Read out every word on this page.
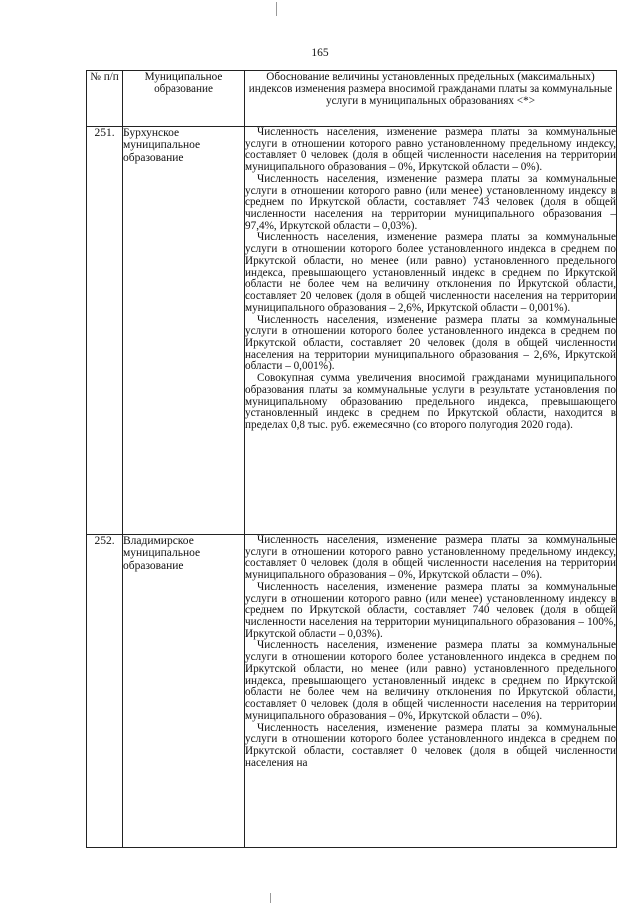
165
№ п/п	Муниципальное образование	Обоснование величины установленных предельных (максимальных) индексов изменения размера вносимой гражданами платы за коммунальные услуги в муниципальных образованиях <*>
251.	Бурхунское муниципальное образование	Численность населения, изменение размера платы за коммунальные услуги в отношении которого равно установленному предельному индексу, составляет 0 человек (доля в общей численности населения на территории муниципального образования – 0%, Иркутской области – 0%).

Численность населения, изменение размера платы за коммунальные услуги в отношении которого равно (или менее) установленному индексу в среднем по Иркутской области, составляет 743 человек (доля в общей численности населения на территории муниципального образования – 97,4%, Иркутской области – 0,03%).

Численность населения, изменение размера платы за коммунальные услуги в отношении которого более установленного индекса в среднем по Иркутской области, но менее (или равно) установленного предельного индекса, превышающего установленный индекс в среднем по Иркутской области не более чем на величину отклонения по Иркутской области, составляет 20 человек (доля в общей численности населения на территории муниципального образования – 2,6%, Иркутской области – 0,001%).

Численность населения, изменение размера платы за коммунальные услуги в отношении которого более установленного индекса в среднем по Иркутской области, составляет 20 человек (доля в общей численности населения на территории муниципального образования – 2,6%, Иркутской области – 0,001%).

Совокупная сумма увеличения вносимой гражданами муниципального образования платы за коммунальные услуги в результате установления по муниципальному образованию предельного индекса, превышающего установленный индекс в среднем по Иркутской области, находится в пределах 0,8 тыс. руб. ежемесячно (со второго полугодия 2020 года).

252.	Владимирское муниципальное образование	Численность населения, изменение размера платы за коммунальные услуги в отношении которого равно установленному предельному индексу, составляет 0 человек (доля в общей численности населения на территории муниципального образования – 0%, Иркутской области – 0%).

Численность населения, изменение размера платы за коммунальные услуги в отношении которого равно (или менее) установленному индексу в среднем по Иркутской области, составляет 740 человек (доля в общей численности населения на территории муниципального образования – 100%, Иркутской области – 0,03%).

Численность населения, изменение размера платы за коммунальные услуги в отношении которого более установленного индекса в среднем по Иркутской области, но менее (или равно) установленного предельного индекса, превышающего установленный индекс в среднем по Иркутской области не более чем на величину отклонения по Иркутской области, составляет 0 человек (доля в общей численности населения на территории муниципального образования – 0%, Иркутской области – 0%).

Численность населения, изменение размера платы за коммунальные услуги в отношении которого более установленного индекса в среднем по Иркутской области, составляет 0 человек (доля в общей численности населения на
